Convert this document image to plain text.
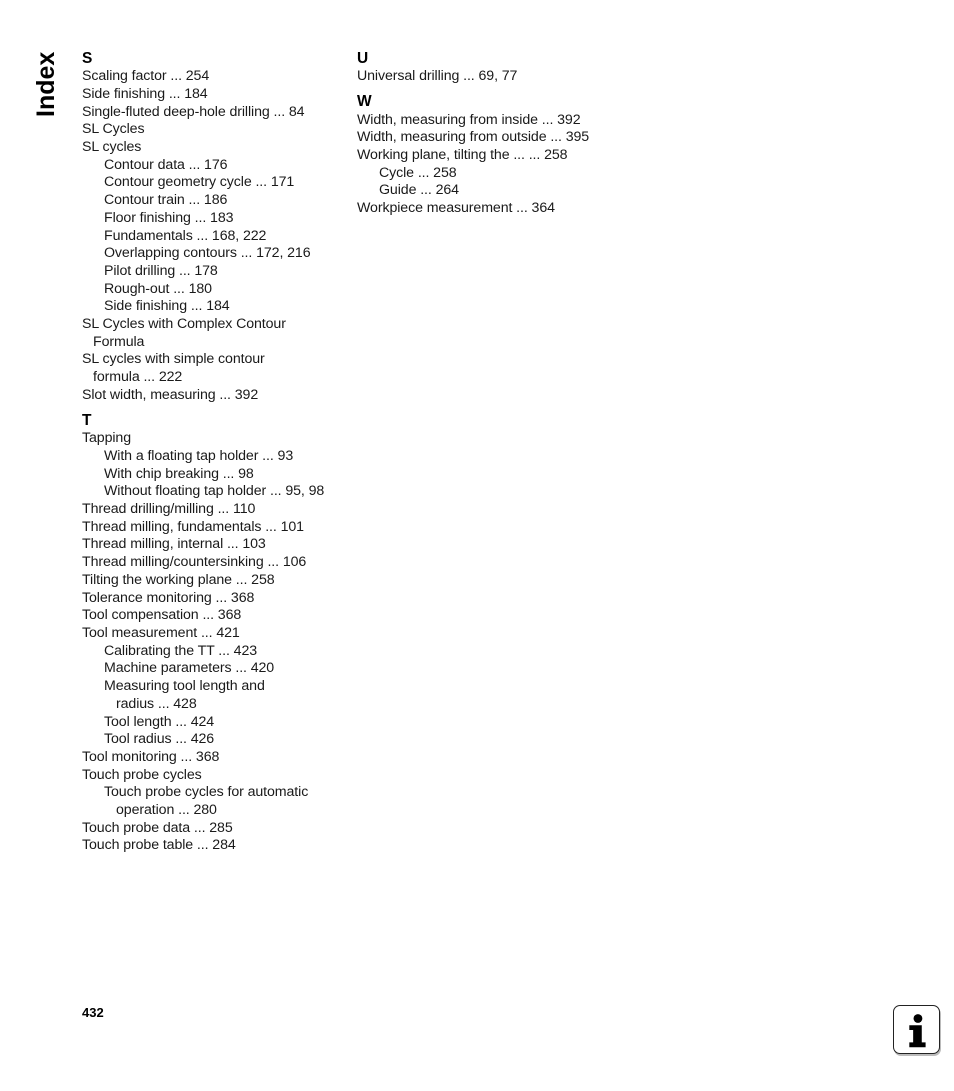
Index S
Scaling factor ... 254
Side finishing ... 184
Single-fluted deep-hole drilling ... 84
SL Cycles
SL cycles
Contour data ... 176
Contour geometry cycle ... 171
Contour train ... 186
Floor finishing ... 183
Fundamentals ... 168, 222
Overlapping contours ... 172, 216
Pilot drilling ... 178
Rough-out ... 180
Side finishing ... 184
SL Cycles with Complex Contour
Formula
SL cycles with simple contour
formula ... 222
Slot width, measuring ... 392
T
Tapping
With a floating tap holder ... 93
With chip breaking ... 98
Without floating tap holder ... 95, 98
Thread drilling/milling ... 110
Thread milling, fundamentals ... 101
Thread milling, internal ... 103
Thread milling/countersinking ... 106
Tilting the working plane ... 258
Tolerance monitoring ... 368
Tool compensation ... 368
Tool measurement ... 421
Calibrating the TT ... 423
Machine parameters ... 420
Measuring tool length and
radius ... 428
Tool length ... 424
Tool radius ... 426
Tool monitoring ... 368
Touch probe cycles
Touch probe cycles for automatic
operation ... 280
Touch probe data ... 285
Touch probe table ... 284
U
Universal drilling ... 69, 77
W
Width, measuring from inside ... 392
Width, measuring from outside ... 395
Working plane, tilting the ... ... 258
Cycle ... 258
Guide ... 264
Workpiece measurement ... 364
432
